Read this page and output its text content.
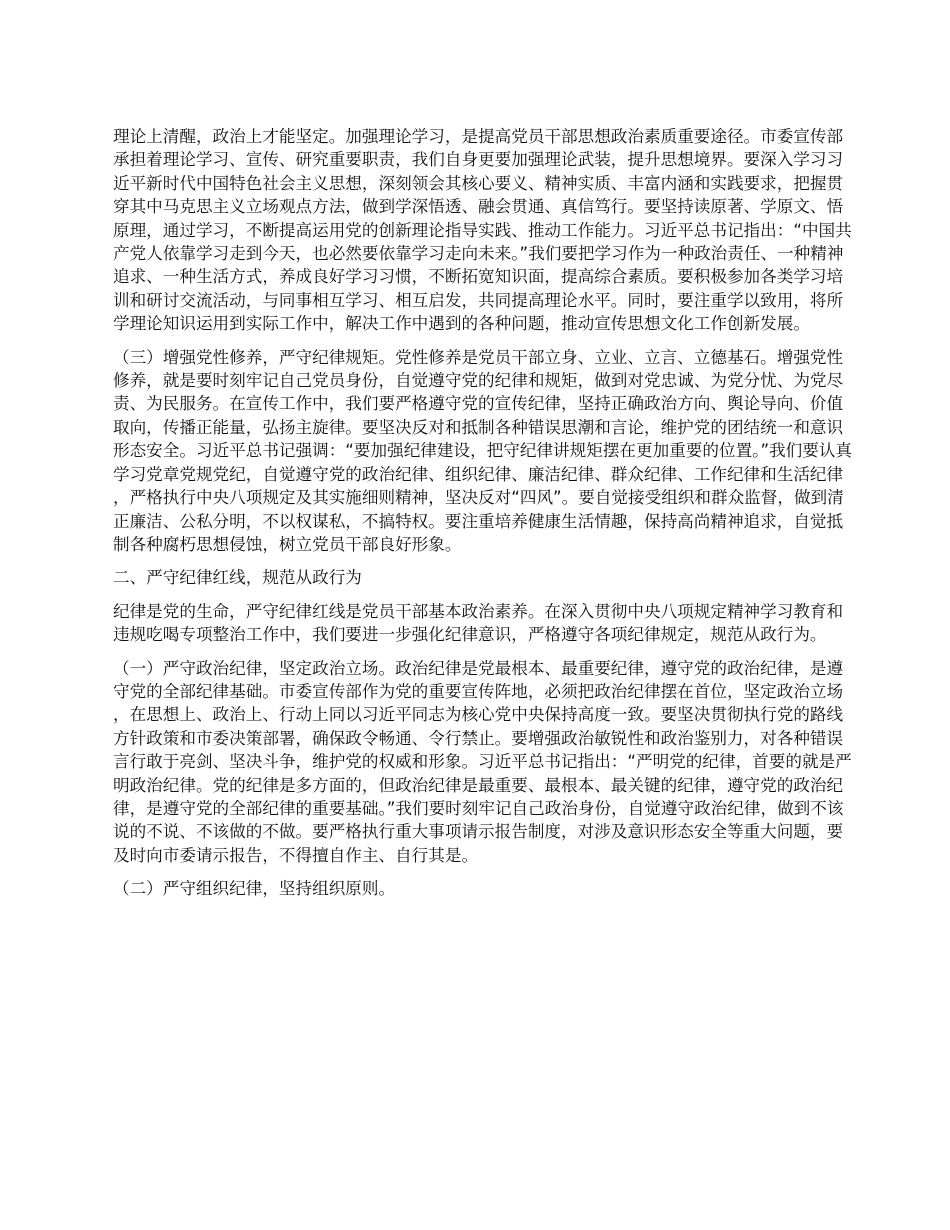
理论上清醒，政治上才能坚定。加强理论学习，是提高党员干部思想政治素质重要途径。市委宣传部承担着理论学习、宣传、研究重要职责，我们自身更要加强理论武装，提升思想境界。要深入学习习近平新时代中国特色社会主义思想，深刻领会其核心要义、精神实质、丰富内涵和实践要求，把握贯穿其中马克思主义立场观点方法，做到学深悟透、融会贯通、真信笃行。要坚持读原著、学原文、悟原理，通过学习，不断提高运用党的创新理论指导实践、推动工作能力。习近平总书记指出：“中国共产党人依靠学习走到今天，也必然要依靠学习走向未来。”我们要把学习作为一种政治责任、一种精神追求、一种生活方式，养成良好学习习惯，不断拓宽知识面，提高综合素质。要积极参加各类学习培训和研讨交流活动，与同事相互学习、相互启发，共同提高理论水平。同时，要注重学以致用，将所学理论知识运用到实际工作中，解决工作中遇到的各种问题，推动宣传思想文化工作创新发展。

（三）增强党性修养，严守纪律规矩。党性修养是党员干部立身、立业、立言、立德基石。增强党性修养，就是要时刻牢记自己党员身份，自觉遵守党的纪律和规矩，做到对党忠诚、为党分忧、为党尽责、为民服务。在宣传工作中，我们要严格遵守党的宣传纪律，坚持正确政治方向、舆论导向、价值取向，传播正能量，弘扬主旋律。要坚决反对和抵制各种错误思潮和言论，维护党的团结统一和意识形态安全。习近平总书记强调：“要加强纪律建设，把守纪律讲规矩摆在更加重要的位置。”我们要认真学习党章党规党纪，自觉遵守党的政治纪律、组织纪律、廉洁纪律、群众纪律、工作纪律和生活纪律，严格执行中央八项规定及其实施细则精神，坚决反对“四风”。要自觉接受组织和群众监督，做到清正廉洁、公私分明，不以权谋私，不搞特权。要注重培养健康生活情趣，保持高尚精神追求，自觉抵制各种腐朽思想侵蚀，树立党员干部良好形象。

二、严守纪律红线，规范从政行为

纪律是党的生命，严守纪律红线是党员干部基本政治素养。在深入贯彻中央八项规定精神学习教育和违规吃喝专项整治工作中，我们要进一步强化纪律意识，严格遵守各项纪律规定，规范从政行为。

（一）严守政治纪律，坚定政治立场。政治纪律是党最根本、最重要纪律，遵守党的政治纪律，是遵守党的全部纪律基础。市委宣传部作为党的重要宣传阵地，必须把政治纪律摆在首位，坚定政治立场，在思想上、政治上、行动上同以习近平同志为核心党中央保持高度一致。要坚决贯彻执行党的路线方针政策和市委决策部署，确保政令畅通、令行禁止。要增强政治敏锐性和政治鉴别力，对各种错误言行敢于亮剑、坚决斗争，维护党的权威和形象。习近平总书记指出：“严明党的纪律，首要的就是严明政治纪律。党的纪律是多方面的，但政治纪律是最重要、最根本、最关键的纪律，遵守党的政治纪律，是遵守党的全部纪律的重要基础。”我们要时刻牢记自己政治身份，自觉遵守政治纪律，做到不该说的不说、不该做的不做。要严格执行重大事项请示报告制度，对涉及意识形态安全等重大问题，要及时向市委请示报告，不得擅自作主、自行其是。

（二）严守组织纪律，坚持组织原则。
